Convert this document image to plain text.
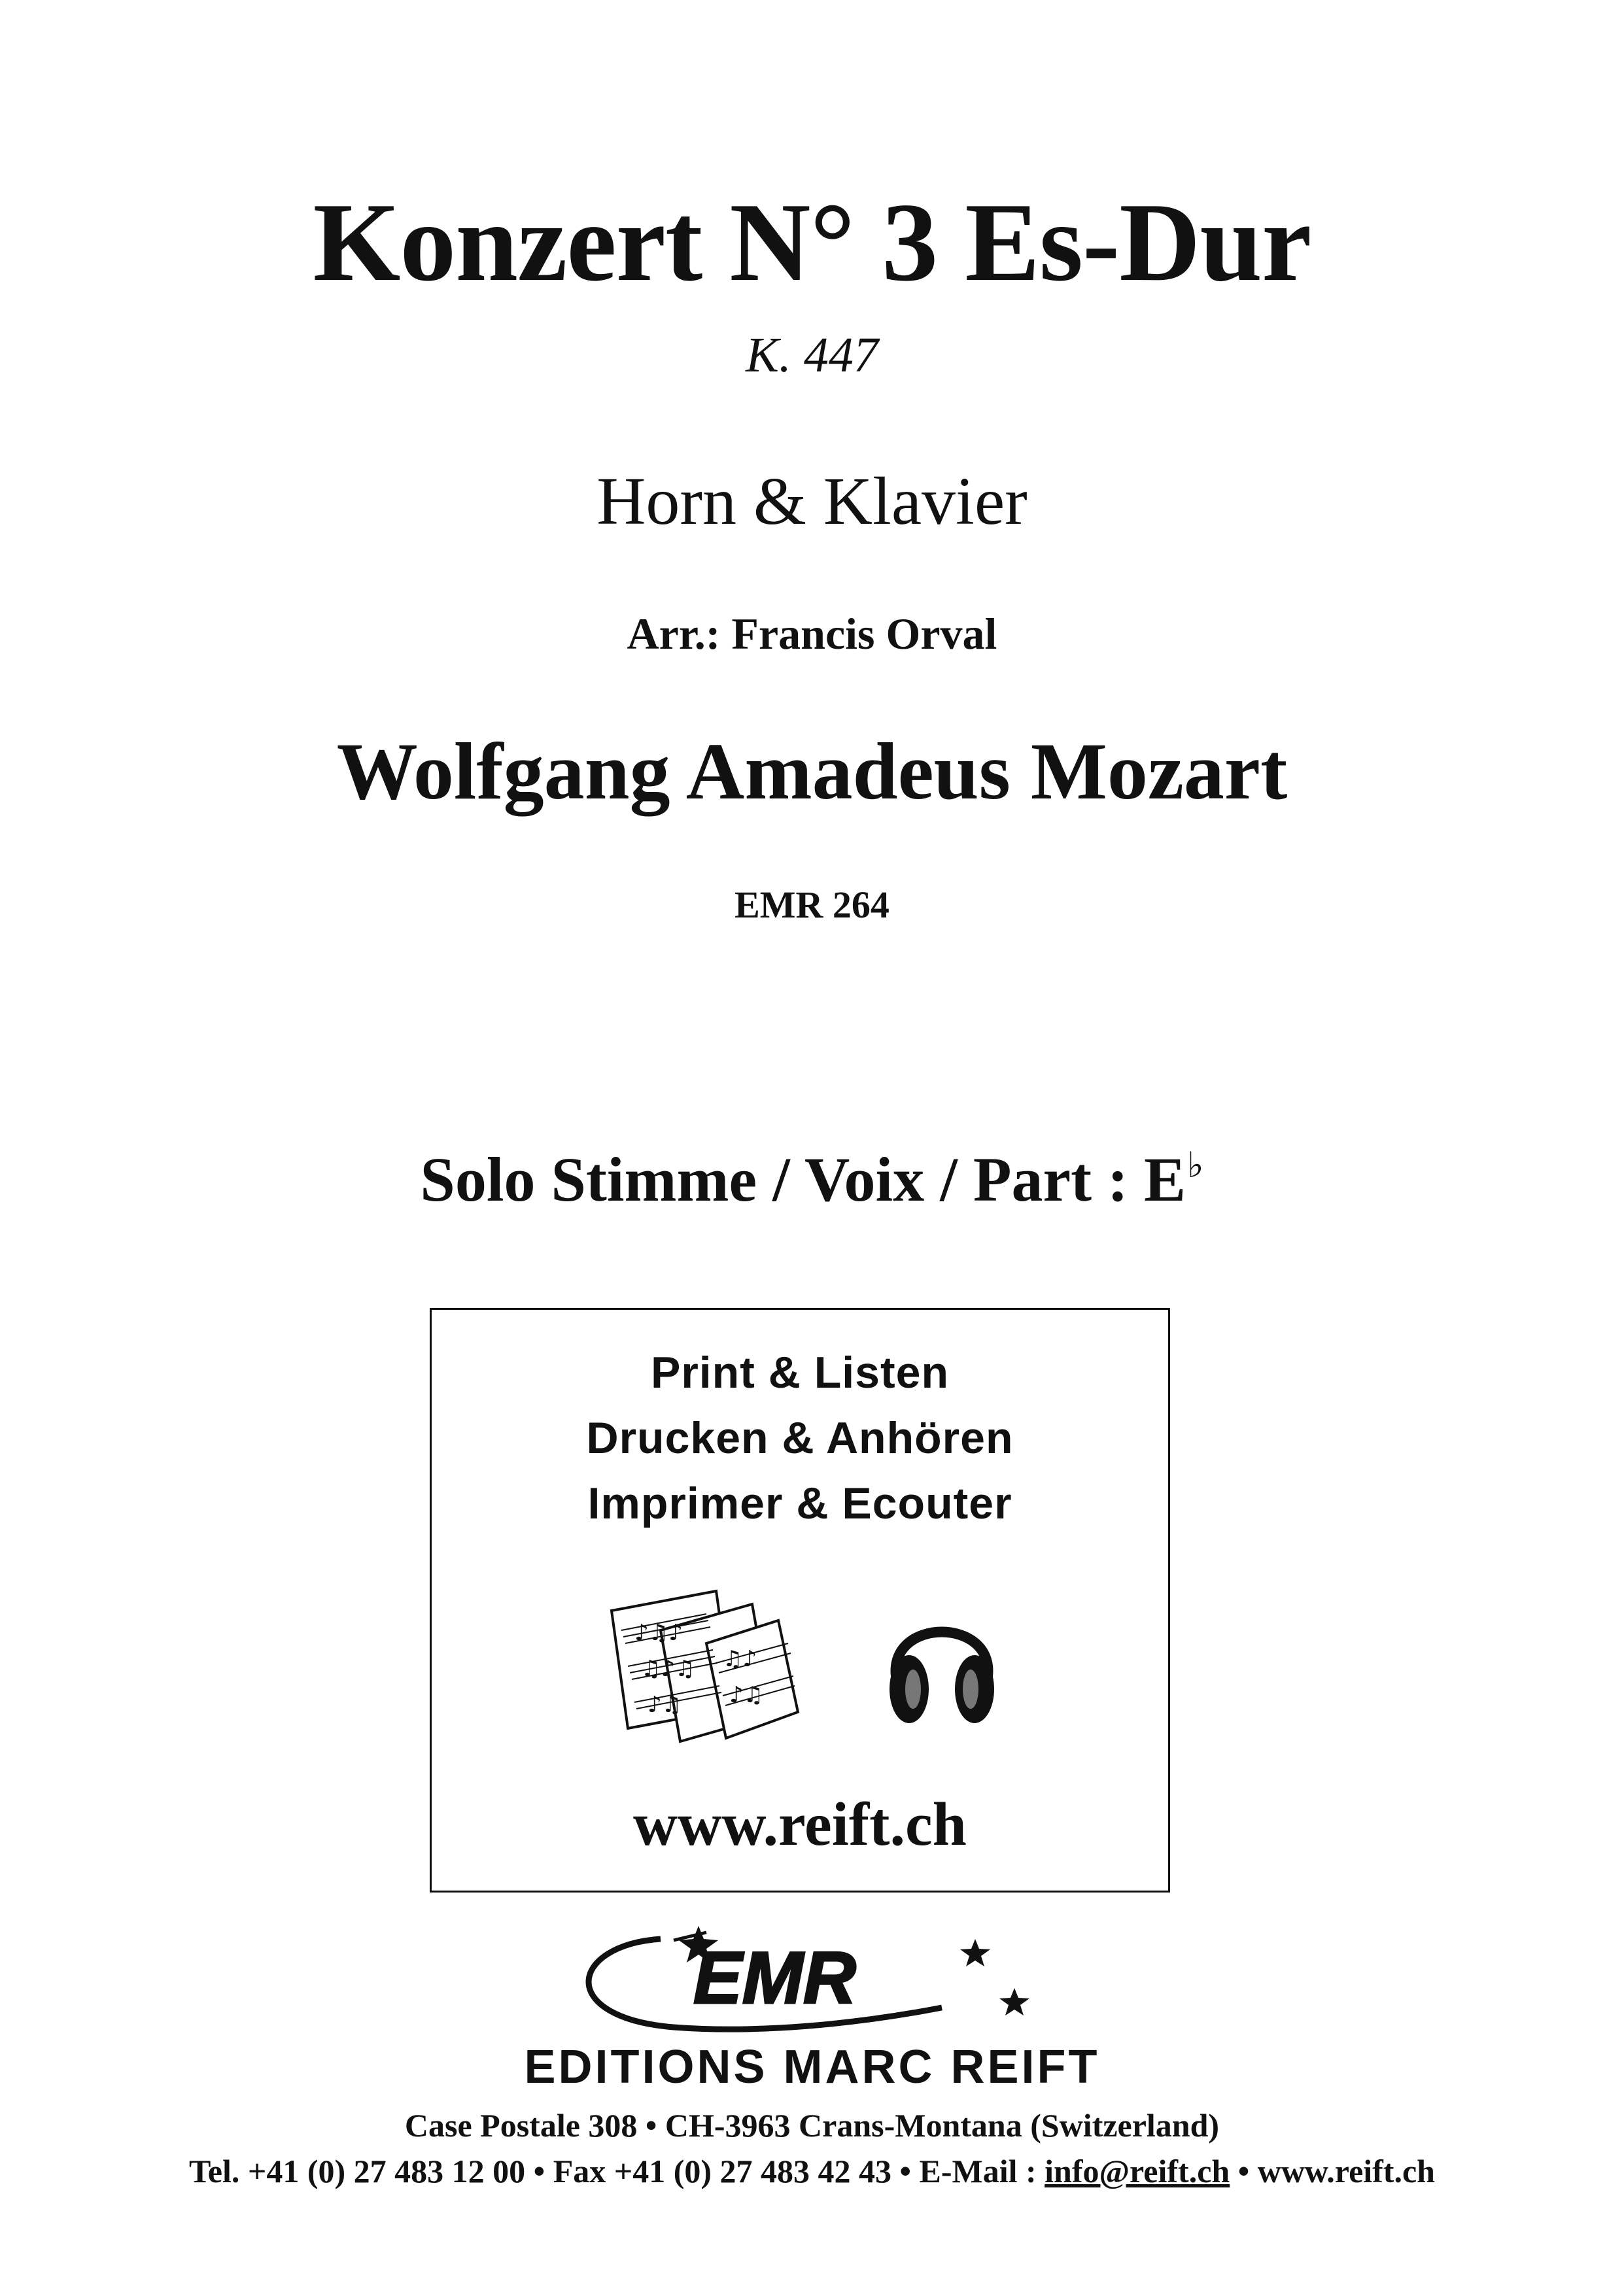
Konzert N° 3 Es-Dur
K. 447
Horn & Klavier
Arr.: Francis Orval
Wolfgang Amadeus Mozart
EMR 264
Solo Stimme / Voix / Part : E♭
Print & Listen
Drucken & Anhören
Imprimer & Ecouter
♪♫♪
♫♪♫
♪♫
♫♪
♪♫
www.reift.ch
EMR
EDITIONS MARC REIFT
Case Postale 308 • CH-3963 Crans-Montana (Switzerland)
Tel. +41 (0) 27 483 12 00 • Fax +41 (0) 27 483 42 43 • E-Mail : info@reift.ch • www.reift.ch
